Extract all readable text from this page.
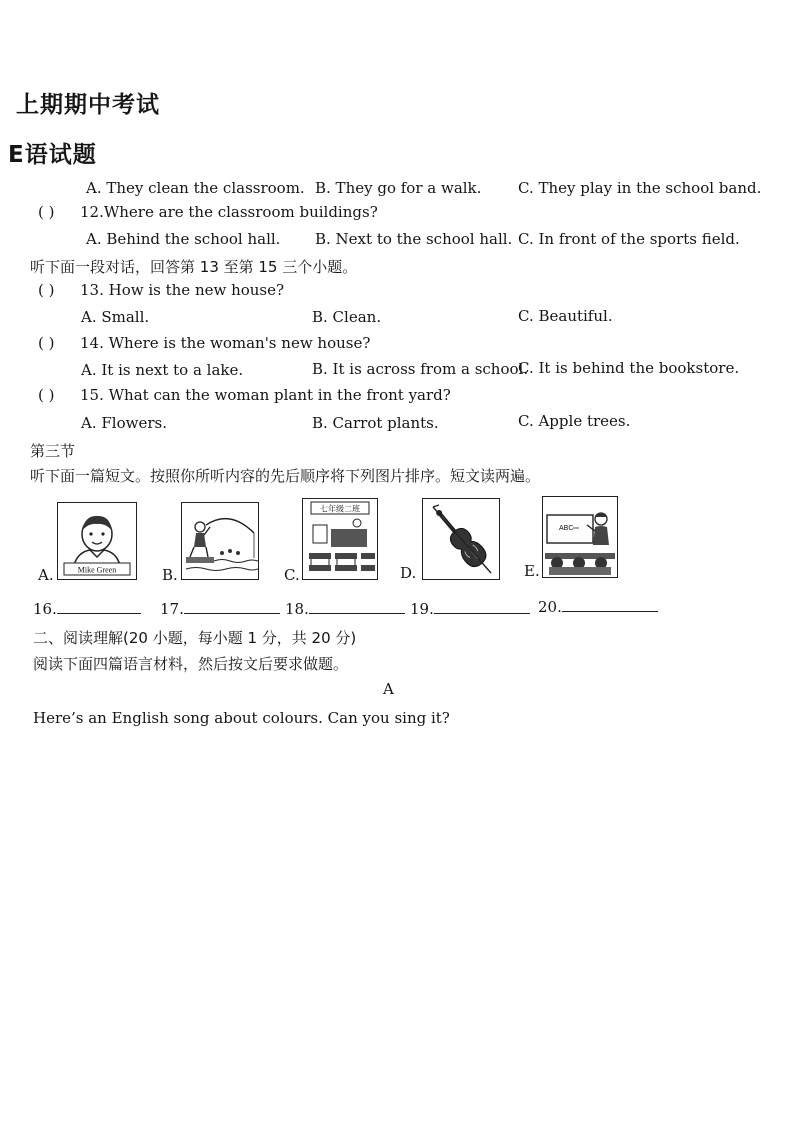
上期期中考试
E语试题
A. They clean the classroom. B. They go for a walk. C. They play in the school band.
( ) 12.Where are the classroom buildings?
A. Behind the school hall. B. Next to the school hall. C. In front of the sports field.
听下面一段对话，回答第 13 至第 15 三个小题。
( ) 13. How is the new house?
A. Small.	B. Clean.	C. Beautiful.
( ) 14. Where is the woman's new house?
A. It is next to a lake.	B. It is across from a school.
C. It is behind the bookstore.
( ) 15. What can the woman plant in the front yard?
A. Flowers.	B. Carrot plants.	C. Apple trees.
第三节
听下面一篇短文。按照你所听内容的先后顺序将下列图片排序。短文读两遍。
A.	Mike Green	B.	C.
七年级二班
D.	E.
ABC
16.	17.	18.	19.	20.
二、阅读理解(20 小题，每小题 1 分，共 20 分)
阅读下面四篇语言材料，然后按文后要求做题。
A
Here’s an English song about colours. Can you sing it?
